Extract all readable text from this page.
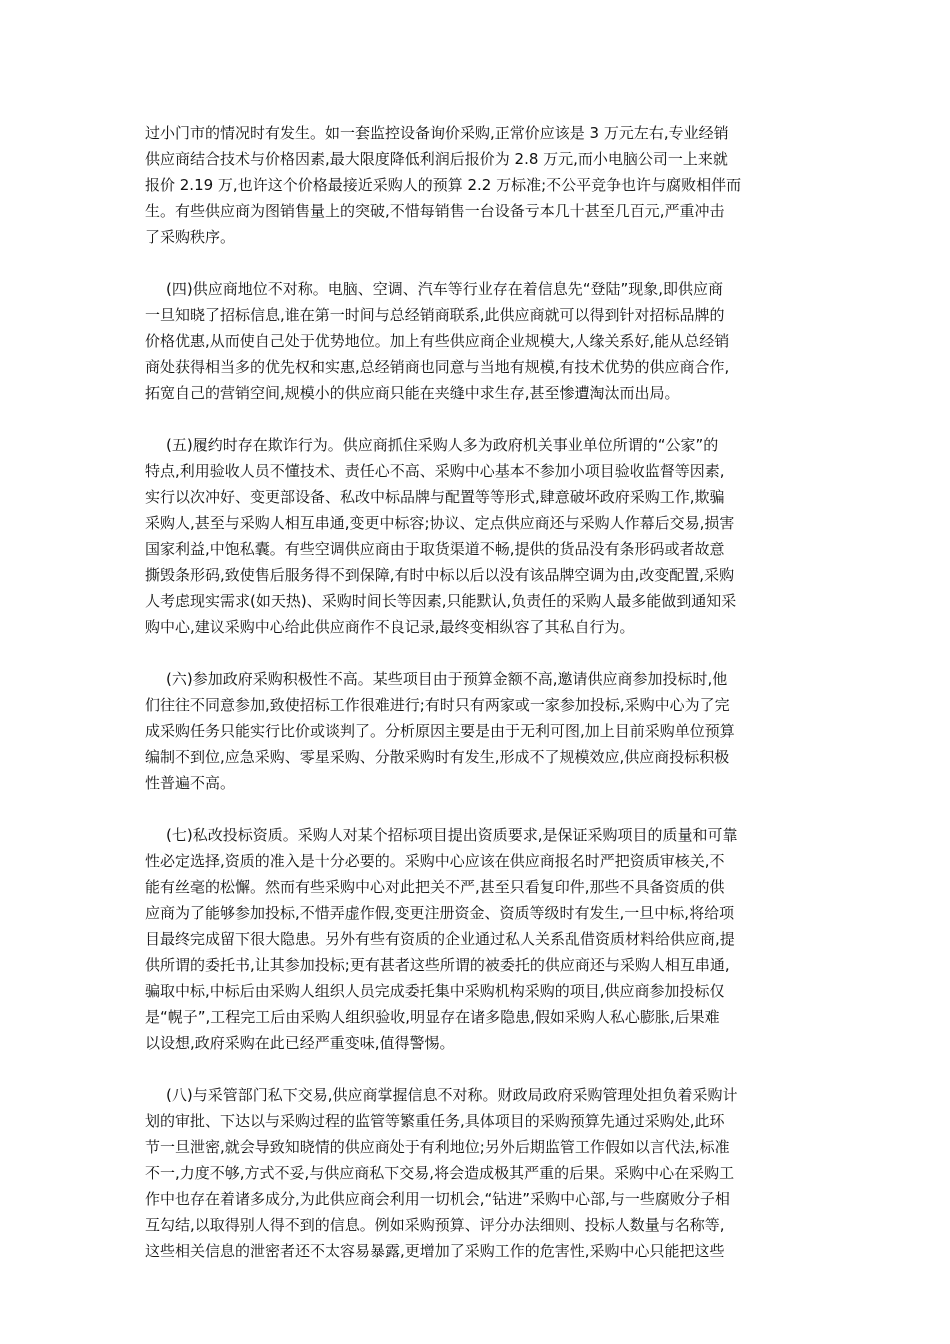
过小门市的情况时有发生。如一套监控设备询价采购,正常价应该是 3 万元左右,专业经销
供应商结合技术与价格因素,最大限度降低利润后报价为 2.8 万元,而小电脑公司一上来就
报价 2.19 万,也许这个价格最接近采购人的预算 2.2 万标准;不公平竞争也许与腐败相伴而
生。有些供应商为图销售量上的突破,不惜每销售一台设备亏本几十甚至几百元,严重冲击
了采购秩序。
(四)供应商地位不对称。电脑、空调、汽车等行业存在着信息先“登陆”现象,即供应商
一旦知晓了招标信息,谁在第一时间与总经销商联系,此供应商就可以得到针对招标品牌的
价格优惠,从而使自己处于优势地位。加上有些供应商企业规模大,人缘关系好,能从总经销
商处获得相当多的优先权和实惠,总经销商也同意与当地有规模,有技术优势的供应商合作,
拓宽自己的营销空间,规模小的供应商只能在夹缝中求生存,甚至惨遭淘汰而出局。
(五)履约时存在欺诈行为。供应商抓住采购人多为政府机关事业单位所谓的“公家”的
特点,利用验收人员不懂技术、责任心不高、采购中心基本不参加小项目验收监督等因素,
实行以次冲好、变更部设备、私改中标品牌与配置等等形式,肆意破坏政府采购工作,欺骗
采购人,甚至与采购人相互串通,变更中标容;协议、定点供应商还与采购人作幕后交易,损害
国家利益,中饱私囊。有些空调供应商由于取货渠道不畅,提供的货品没有条形码或者故意
撕毁条形码,致使售后服务得不到保障,有时中标以后以没有该品牌空调为由,改变配置,采购
人考虑现实需求(如天热)、采购时间长等因素,只能默认,负责任的采购人最多能做到通知采
购中心,建议采购中心给此供应商作不良记录,最终变相纵容了其私自行为。
(六)参加政府采购积极性不高。某些项目由于预算金额不高,邀请供应商参加投标时,他
们往往不同意参加,致使招标工作很难进行;有时只有两家或一家参加投标,采购中心为了完
成采购任务只能实行比价或谈判了。分析原因主要是由于无利可图,加上目前采购单位预算
编制不到位,应急采购、零星采购、分散采购时有发生,形成不了规模效应,供应商投标积极
性普遍不高。
(七)私改投标资质。采购人对某个招标项目提出资质要求,是保证采购项目的质量和可靠
性必定选择,资质的准入是十分必要的。采购中心应该在供应商报名时严把资质审核关,不
能有丝毫的松懈。然而有些采购中心对此把关不严,甚至只看复印件,那些不具备资质的供
应商为了能够参加投标,不惜弄虚作假,变更注册资金、资质等级时有发生,一旦中标,将给项
目最终完成留下很大隐患。另外有些有资质的企业通过私人关系乱借资质材料给供应商,提
供所谓的委托书,让其参加投标;更有甚者这些所谓的被委托的供应商还与采购人相互串通,
骗取中标,中标后由采购人组织人员完成委托集中采购机构采购的项目,供应商参加投标仅
是“幌子”,工程完工后由采购人组织验收,明显存在诸多隐患,假如采购人私心膨胀,后果难
以设想,政府采购在此已经严重变味,值得警惕。
(八)与采管部门私下交易,供应商掌握信息不对称。财政局政府采购管理处担负着采购计
划的审批、下达以与采购过程的监管等繁重任务,具体项目的采购预算先通过采购处,此环
节一旦泄密,就会导致知晓情的供应商处于有利地位;另外后期监管工作假如以言代法,标准
不一,力度不够,方式不妥,与供应商私下交易,将会造成极其严重的后果。采购中心在采购工
作中也存在着诸多成分,为此供应商会利用一切机会,“钻进”采购中心部,与一些腐败分子相
互勾结,以取得别人得不到的信息。例如采购预算、评分办法细则、投标人数量与名称等,
这些相关信息的泄密者还不太容易暴露,更增加了采购工作的危害性,采购中心只能把这些
